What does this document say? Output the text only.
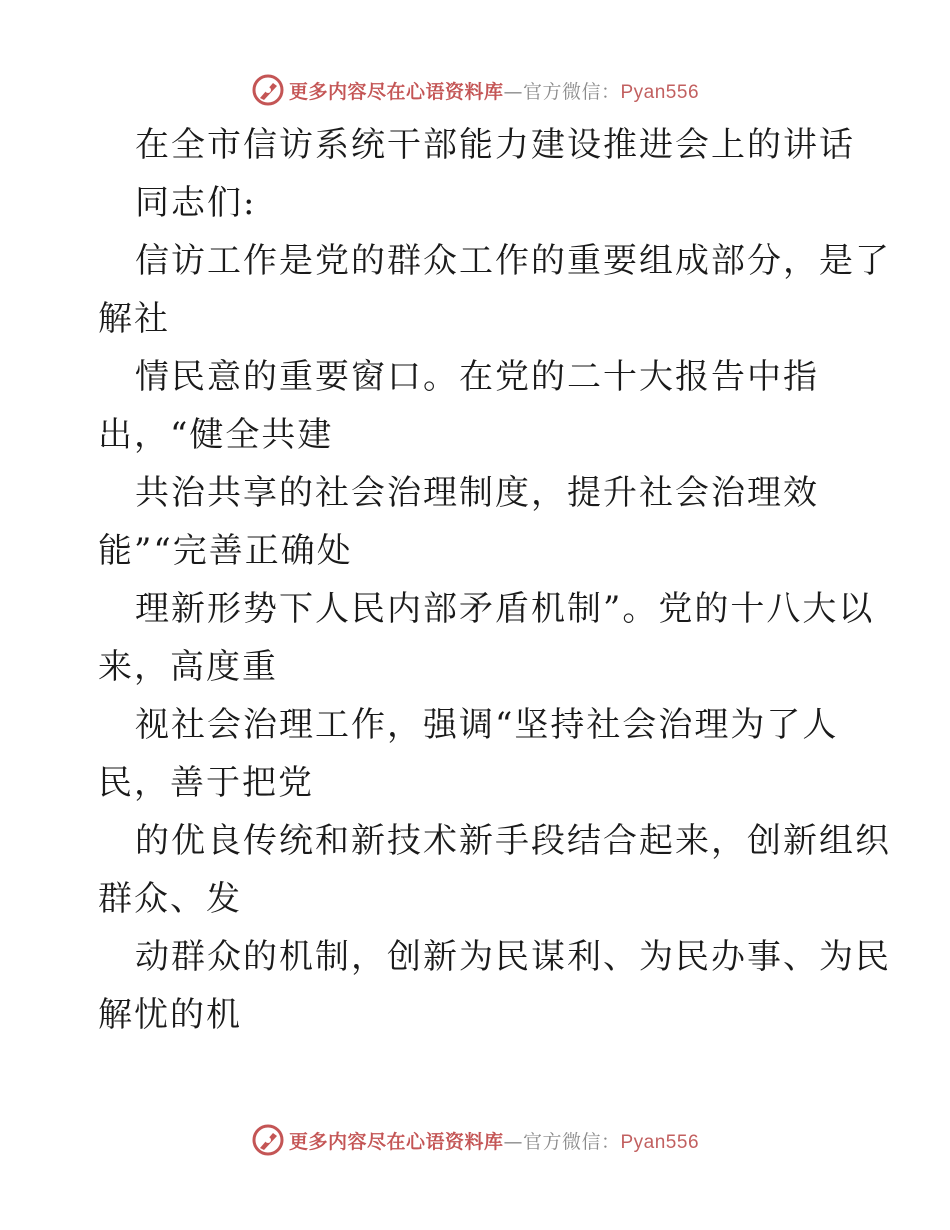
更多内容尽在心语资料库—官方微信：Pyan556
在全市信访系统干部能力建设推进会上的讲话
同志们:
信访工作是党的群众工作的重要组成部分，是了
解社
情民意的重要窗口。在党的二十大报告中指
出，“健全共建
共治共享的社会治理制度，提升社会治理效
能”“完善正确处
理新形势下人民内部矛盾机制”。党的十八大以
来，高度重
视社会治理工作，强调“坚持社会治理为了人
民，善于把党
的优良传统和新技术新手段结合起来，创新组织
群众、发
动群众的机制，创新为民谋利、为民办事、为民
解忧的机
更多内容尽在心语资料库—官方微信：Pyan556
